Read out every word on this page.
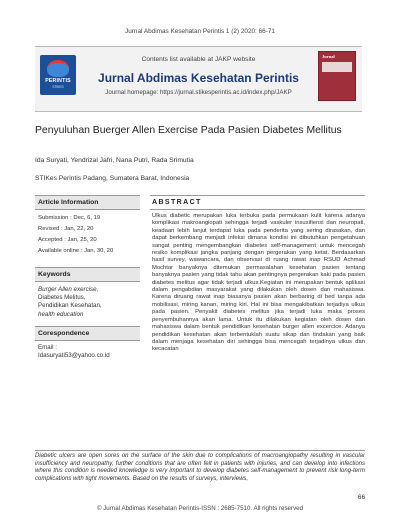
Jurnal Abdimas Kesehatan Perintis 1 (2) 2020: 66-71
PERINTIS
STIKES
Contents list available at JAKP website
Jurnal Abdimas Kesehatan Perintis
Journal homepage: https://jurnal.stikesperintis.ac.id/index.php/JAKP
Jurnal
Penyuluhan Buerger Allen Exercise Pada Pasien Diabetes Mellitus
Ida Suryati, Yendrizal Jafri, Nana Putri, Rada Srimutia
STIKes Perintis Padang, Sumatera Barat, Indonesia
Article Information
Submission : Dec, 6, 19
Revised : Jan, 22, 20
Accepted : Jan, 25, 20
Available online : Jan, 30, 20
Keywords
Burger Allen exercise,
Diabetes Melitus,
Pendidikan Kesehatan,
health education
Corespondence
Email :
Idasuryati53@yahoo.co.id
ABSTRACT
Ulkus diabetic merupakan luka terbuka pada permukaan kulit karena adanya komplikasi makroangiopati sehingga terjadi vaskuler insusifiensi dan neuropati, keadaan lebih lanjut terdapat luka pada penderita yang sering dirasakan, dan dapat berkembang menjadi infeksi dimana kondisi ini dibutuhkan pengetahuan sangat penting mengembangkan diabetes self-management untuk mencegah resiko komplikasi jangka panjang dengan pergerakan yang ketat. Berdasarkan hasil survey, wawancara, dan observasi di ruang rawat inap RSUD Achmad Mochtar banyaknya ditemukan permasalahan kesehatan pasien tentang banyaknya pasien yang tidak tahu akan pentingnya pergerakan kaki pada pasien diabetes melitus agar tidak terjadi ulkus.Kegiatan ini merupakan bentuk aplikasi dalam pengabdian masyarakat yang dilakukan oleh dosen dan mahasiswa. Karena diruang rawat inap biasanya pasien akan berbaring di bed tanpa ada mobilisasi, miring kanan, miring kiri. Hal ini bisa mengakibatkan terjadiya ulkus pada pasien. Penyakit diabetes melitus jika terjadi luka maka proses penyembuhannya akan lama. Untuk itu dilakukan kegiatan oleh dosen dan mahasiswa dalam bentuk pendidikan kesehatan burger allen excercice. Adanya pendidikan kesehatan akan terbentuklah suatu sikap dan tindakan yang baik dalam menjaga kesehatan diri sehingga bisa mencegah terjadinya ulkus dan kecacatan
Diabetic ulcers are open sores on the surface of the skin due to complications of macroangiopathy resulting in vascular insufficiency and neuropathy, further conditions that are often felt in patients with injuries, and can develop into infections where this condition is needed knowledge is very important to develop diabetes self-management to prevent risk long-term complications with tight movements. Based on the results of surveys, interviews,
66
© Jurnal Abdimas Kesehatan Perintis-ISSN : 2685-7510. All rights reserved
